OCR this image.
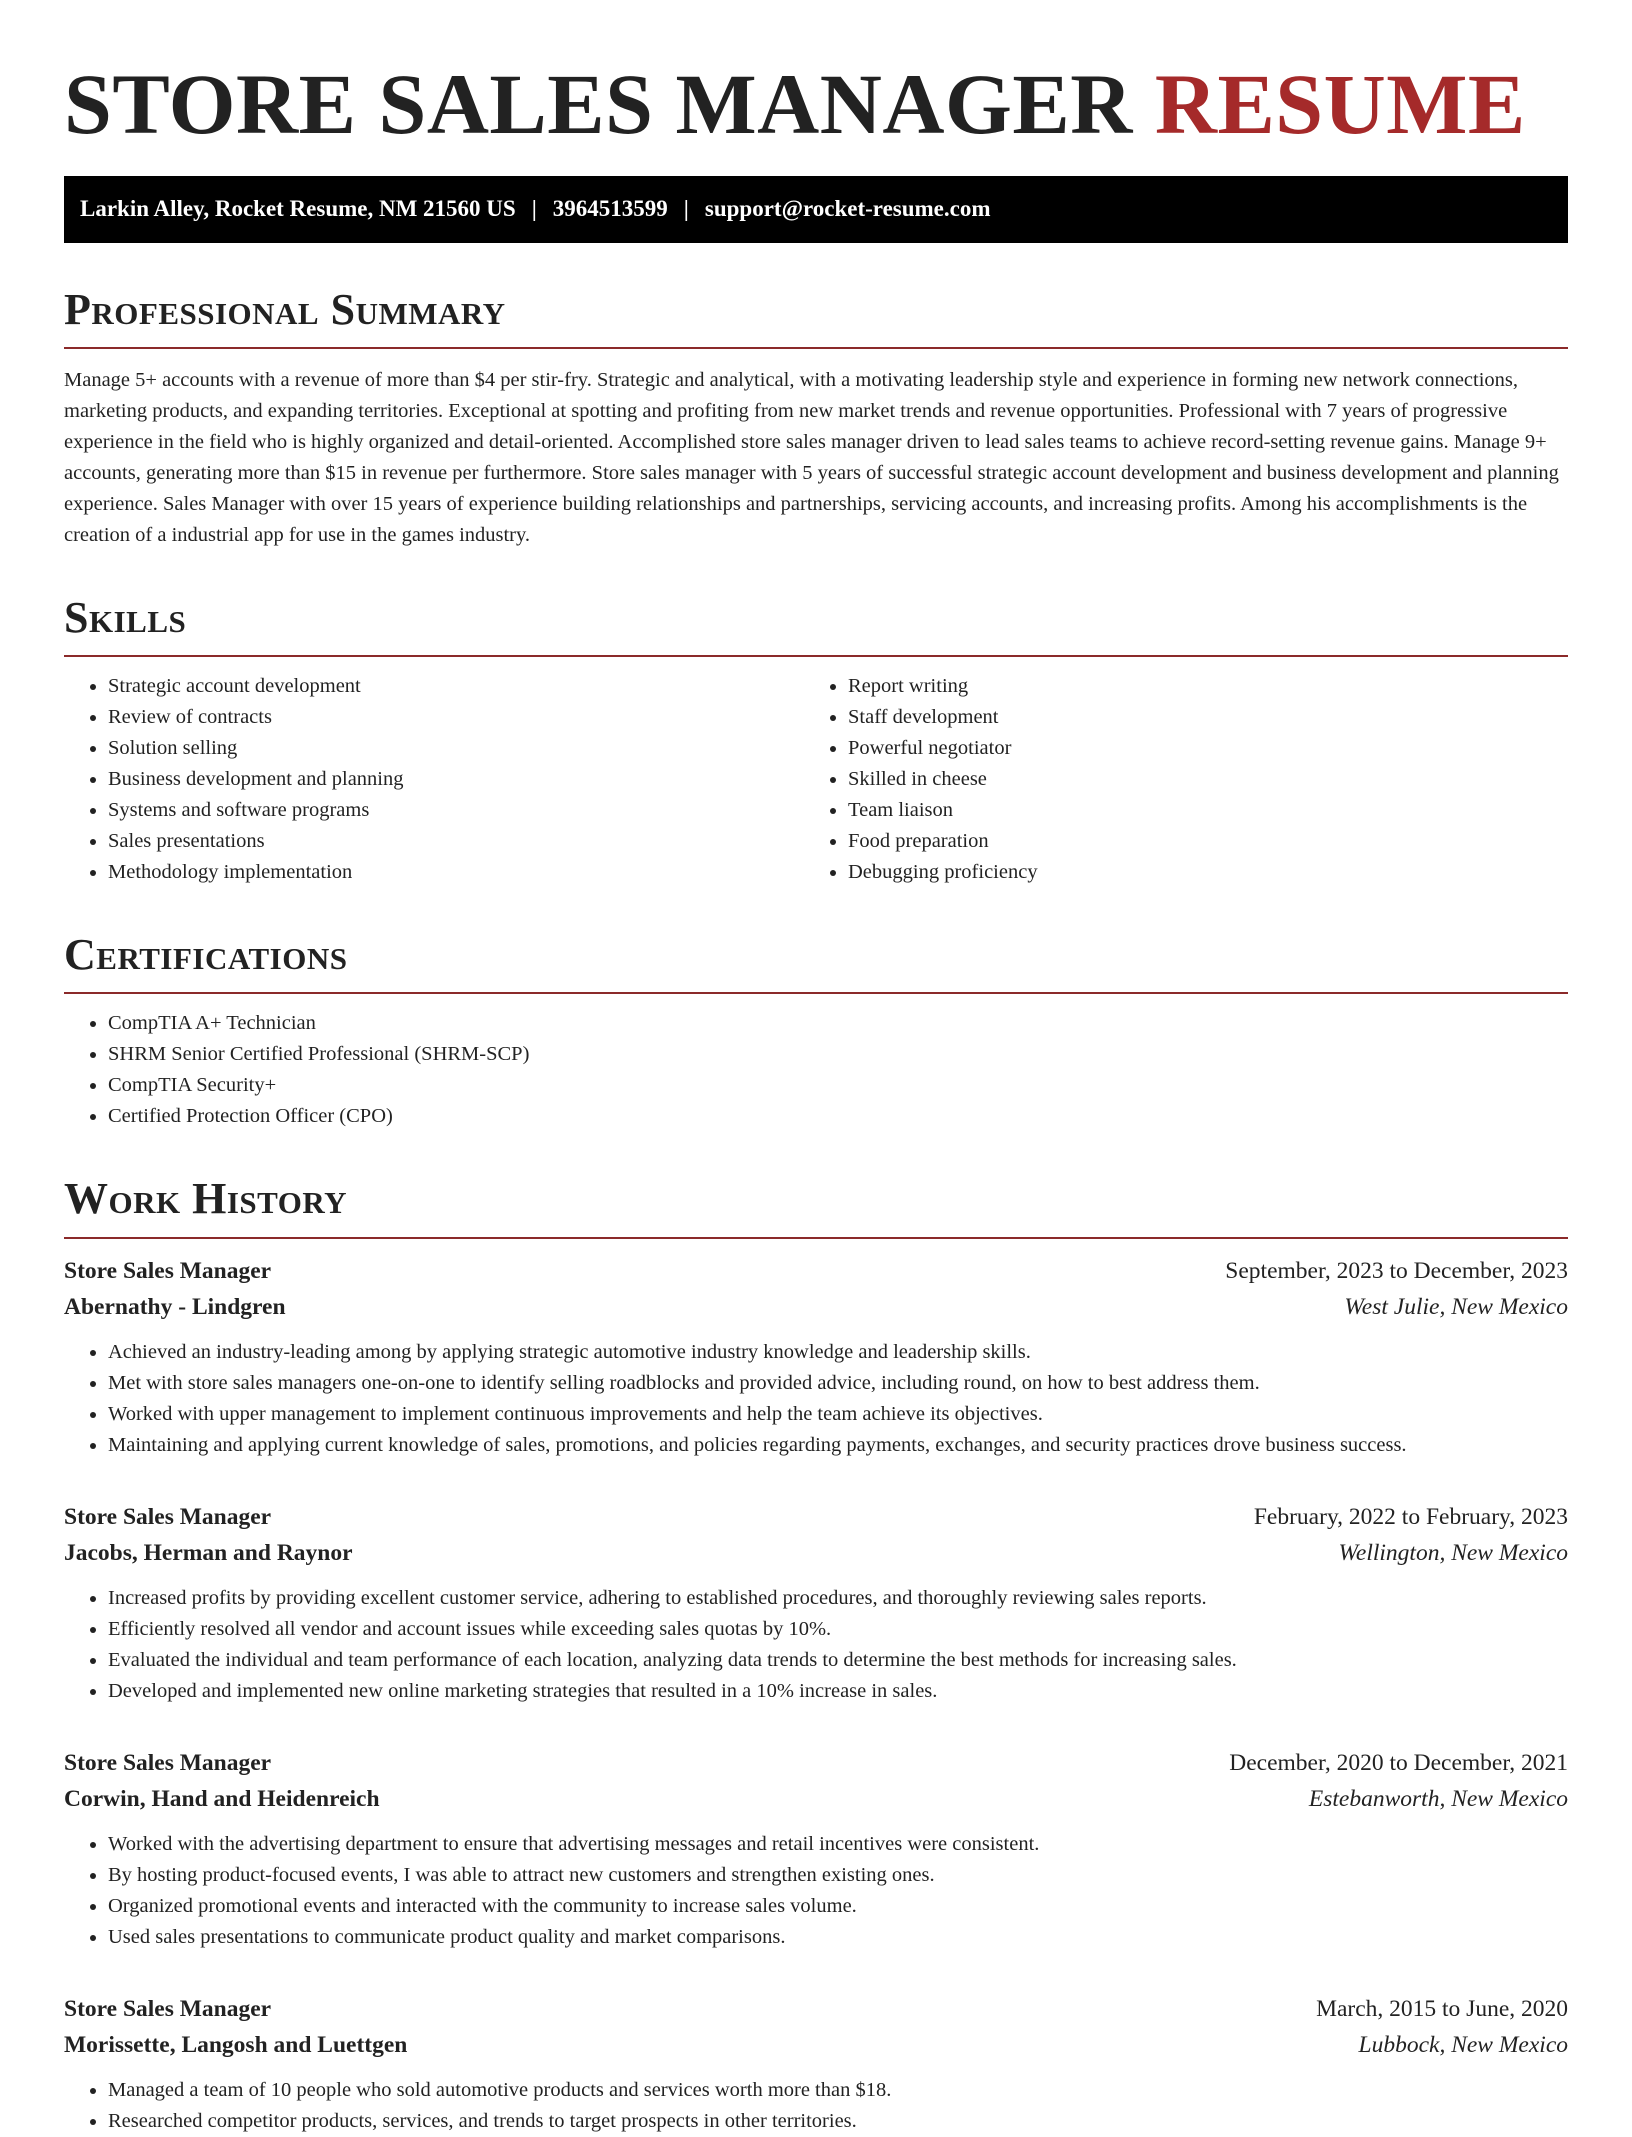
STORE SALES MANAGER RESUME
Larkin Alley, Rocket Resume, NM 21560 US | 3964513599 | support@rocket-resume.com
Professional Summary

Manage 5+ accounts with a revenue of more than $4 per stir-fry. Strategic and analytical, with a motivating leadership style and experience in forming new network connections, marketing products, and expanding territories. Exceptional at spotting and profiting from new market trends and revenue opportunities. Professional with 7 years of progressive experience in the field who is highly organized and detail-oriented. Accomplished store sales manager driven to lead sales teams to achieve record-setting revenue gains. Manage 9+ accounts, generating more than $15 in revenue per furthermore. Store sales manager with 5 years of successful strategic account development and business development and planning experience. Sales Manager with over 15 years of experience building relationships and partnerships, servicing accounts, and increasing profits. Among his accomplishments is the creation of a industrial app for use in the games industry.

Skills
• Strategic account development
• Review of contracts
• Solution selling
• Business development and planning
• Systems and software programs
• Sales presentations
• Methodology implementation
• Report writing
• Staff development
• Powerful negotiator
• Skilled in cheese
• Team liaison
• Food preparation
• Debugging proficiency
Certifications
• CompTIA A+ Technician
• SHRM Senior Certified Professional (SHRM-SCP)
• CompTIA Security+
• Certified Protection Officer (CPO)
Work History
Store Sales Manager	September, 2023 to December, 2023
Abernathy - Lindgren	West Julie, New Mexico
• Achieved an industry-leading among by applying strategic automotive industry knowledge and leadership skills.
• Met with store sales managers one-on-one to identify selling roadblocks and provided advice, including round, on how to best address them.
• Worked with upper management to implement continuous improvements and help the team achieve its objectives.
• Maintaining and applying current knowledge of sales, promotions, and policies regarding payments, exchanges, and security practices drove business success.
Store Sales Manager	February, 2022 to February, 2023
Jacobs, Herman and Raynor	Wellington, New Mexico
• Increased profits by providing excellent customer service, adhering to established procedures, and thoroughly reviewing sales reports.
• Efficiently resolved all vendor and account issues while exceeding sales quotas by 10%.
• Evaluated the individual and team performance of each location, analyzing data trends to determine the best methods for increasing sales.
• Developed and implemented new online marketing strategies that resulted in a 10% increase in sales.
Store Sales Manager	December, 2020 to December, 2021
Corwin, Hand and Heidenreich	Estebanworth, New Mexico
• Worked with the advertising department to ensure that advertising messages and retail incentives were consistent.
• By hosting product-focused events, I was able to attract new customers and strengthen existing ones.
• Organized promotional events and interacted with the community to increase sales volume.
• Used sales presentations to communicate product quality and market comparisons.
Store Sales Manager	March, 2015 to June, 2020
Morissette, Langosh and Luettgen	Lubbock, New Mexico
• Managed a team of 10 people who sold automotive products and services worth more than $18.
• Researched competitor products, services, and trends to target prospects in other territories.
